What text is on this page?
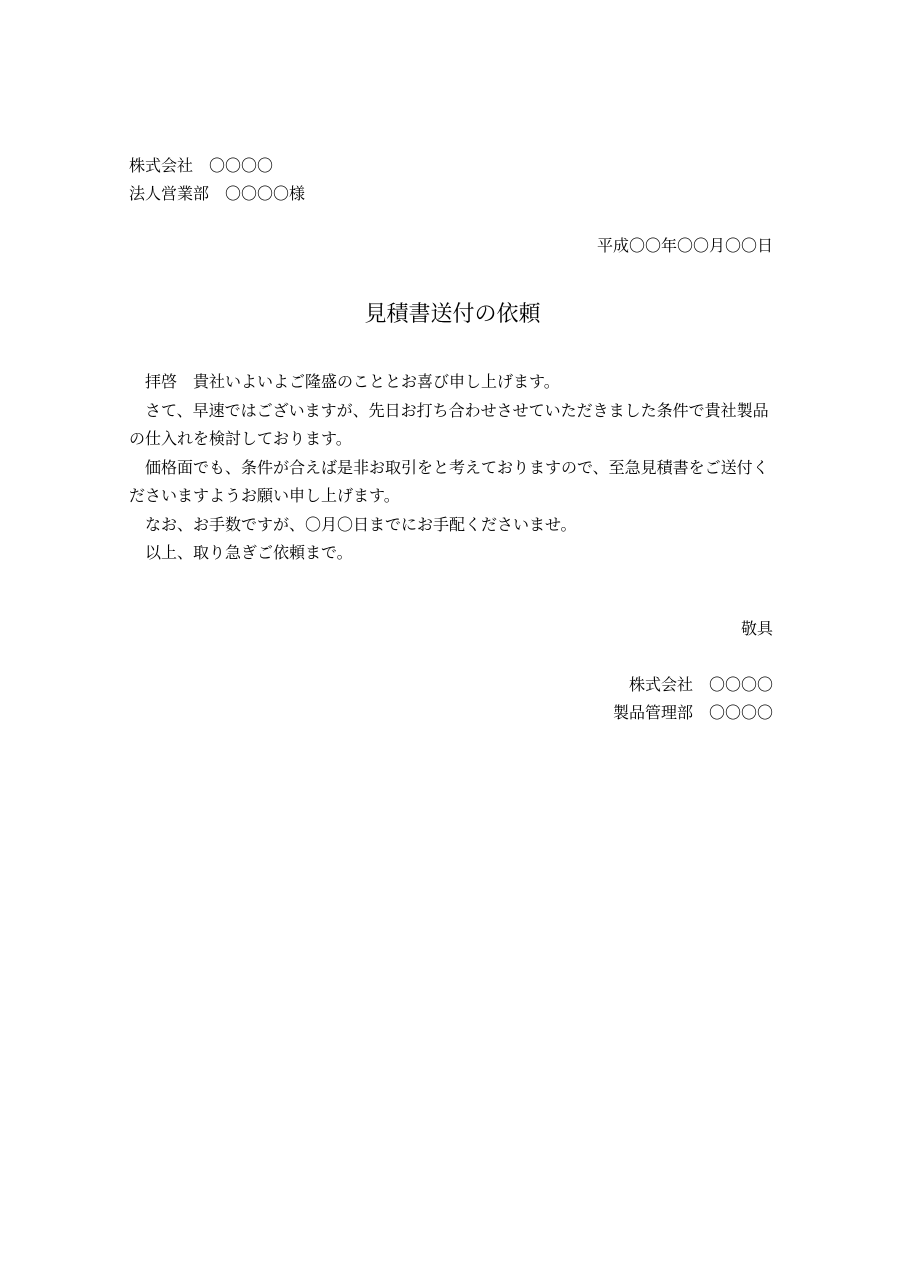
株式会社　〇〇〇〇
法人営業部　〇〇〇〇様
平成〇〇年〇〇月〇〇日
見積書送付の依頼

拝啓　貴社いよいよご隆盛のこととお喜び申し上げます。

さて、早速ではございますが、先日お打ち合わせさせていただきました条件で貴社製品の仕入れを検討しております。

価格面でも、条件が合えば是非お取引をと考えておりますので、至急見積書をご送付くださいますようお願い申し上げます。

なお、お手数ですが、〇月〇日までにお手配くださいませ。

以上、取り急ぎご依頼まで。

敬具
株式会社　〇〇〇〇
製品管理部　〇〇〇〇
